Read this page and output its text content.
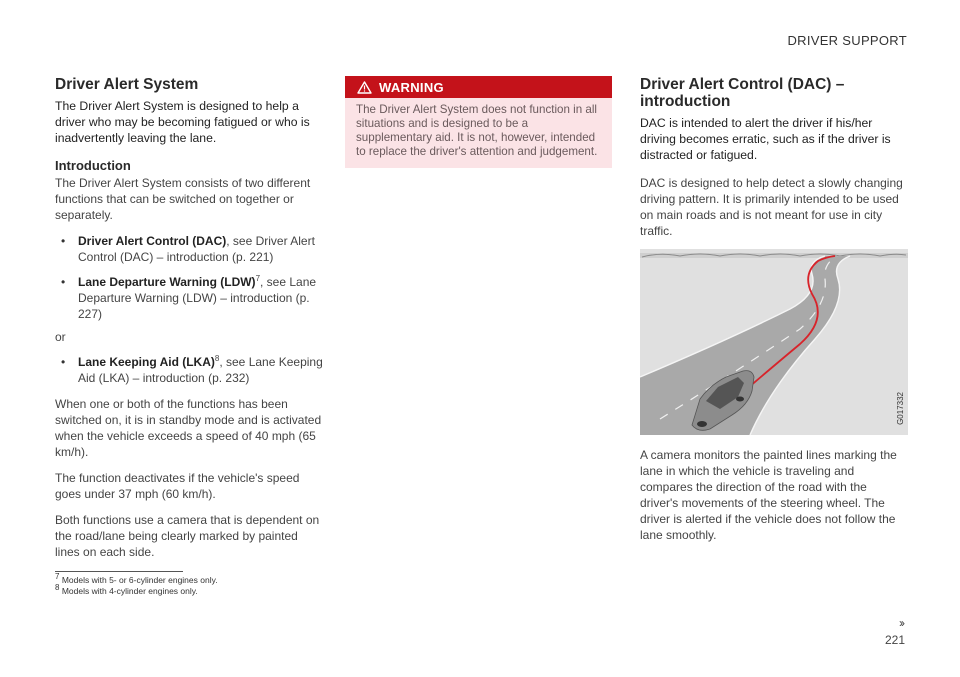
DRIVER SUPPORT
Driver Alert System

The Driver Alert System is designed to help a driver who may be becoming fatigued or who is inadvertently leaving the lane.

Introduction

The Driver Alert System consists of two different functions that can be switched on together or separately.

• Driver Alert Control (DAC), see Driver Alert Control (DAC) – introduction (p. 221)
• Lane Departure Warning (LDW)$^7$, see Lane Departure Warning (LDW) – introduction (p. 227)
or
• Lane Keeping Aid (LKA)$^8$, see Lane Keeping Aid (LKA) – introduction (p. 232)

When one or both of the functions has been switched on, it is in standby mode and is activated when the vehicle exceeds a speed of 40 mph (65 km/h).

The function deactivates if the vehicle's speed goes under 37 mph (60 km/h).

Both functions use a camera that is dependent on the road/lane being clearly marked by painted lines on each side.

WARNING
The Driver Alert System does not function in all situations and is designed to be a supplementary aid. It is not, however, intended to replace the driver's attention and judgement.
Driver Alert Control (DAC) – introduction

DAC is intended to alert the driver if his/her driving becomes erratic, such as if the driver is distracted or fatigued.

DAC is designed to help detect a slowly changing driving pattern. It is primarily intended to be used on main roads and is not meant for use in city traffic.

G017332

A camera monitors the painted lines marking the lane in which the vehicle is traveling and compares the direction of the road with the driver's movements of the steering wheel. The driver is alerted if the vehicle does not follow the lane smoothly.

$^7$ Models with 5- or 6-cylinder engines only.
$^8$ Models with 4-cylinder engines only.
››
221
